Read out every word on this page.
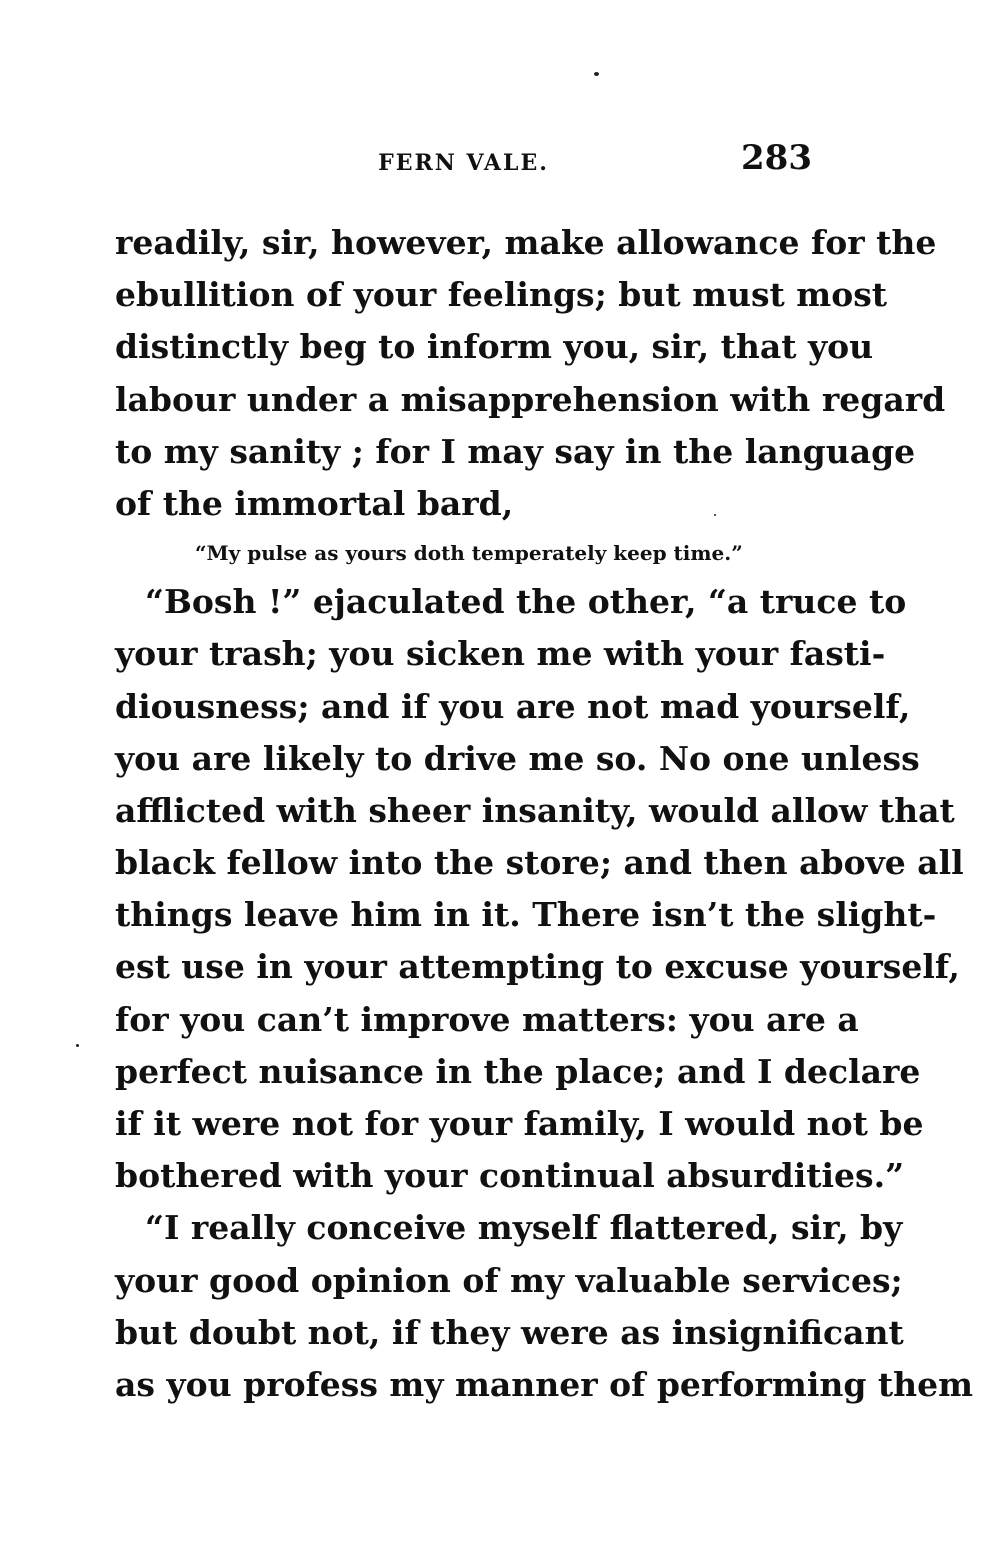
FERN VALE.	283
readily, sir, however, make allowance for the
ebullition of your feelings; but must most
distinctly beg to inform you, sir, that you
labour under a misapprehension with regard
to my sanity ; for I may say in the language
of the immortal bard,
“My pulse as yours doth temperately keep time.”
“Bosh !” ejaculated the other, “a truce to
your trash; you sicken me with your fasti-
diousness; and if you are not mad yourself,
you are likely to drive me so. No one unless
afflicted with sheer insanity, would allow that
black fellow into the store; and then above all
things leave him in it. There isn’t the slight-
est use in your attempting to excuse yourself,
for you can’t improve matters: you are a
perfect nuisance in the place; and I declare
if it were not for your family, I would not be
bothered with your continual absurdities.”
“I really conceive myself flattered, sir, by
your good opinion of my valuable services;
but doubt not, if they were as insignificant
as you profess my manner of performing them
